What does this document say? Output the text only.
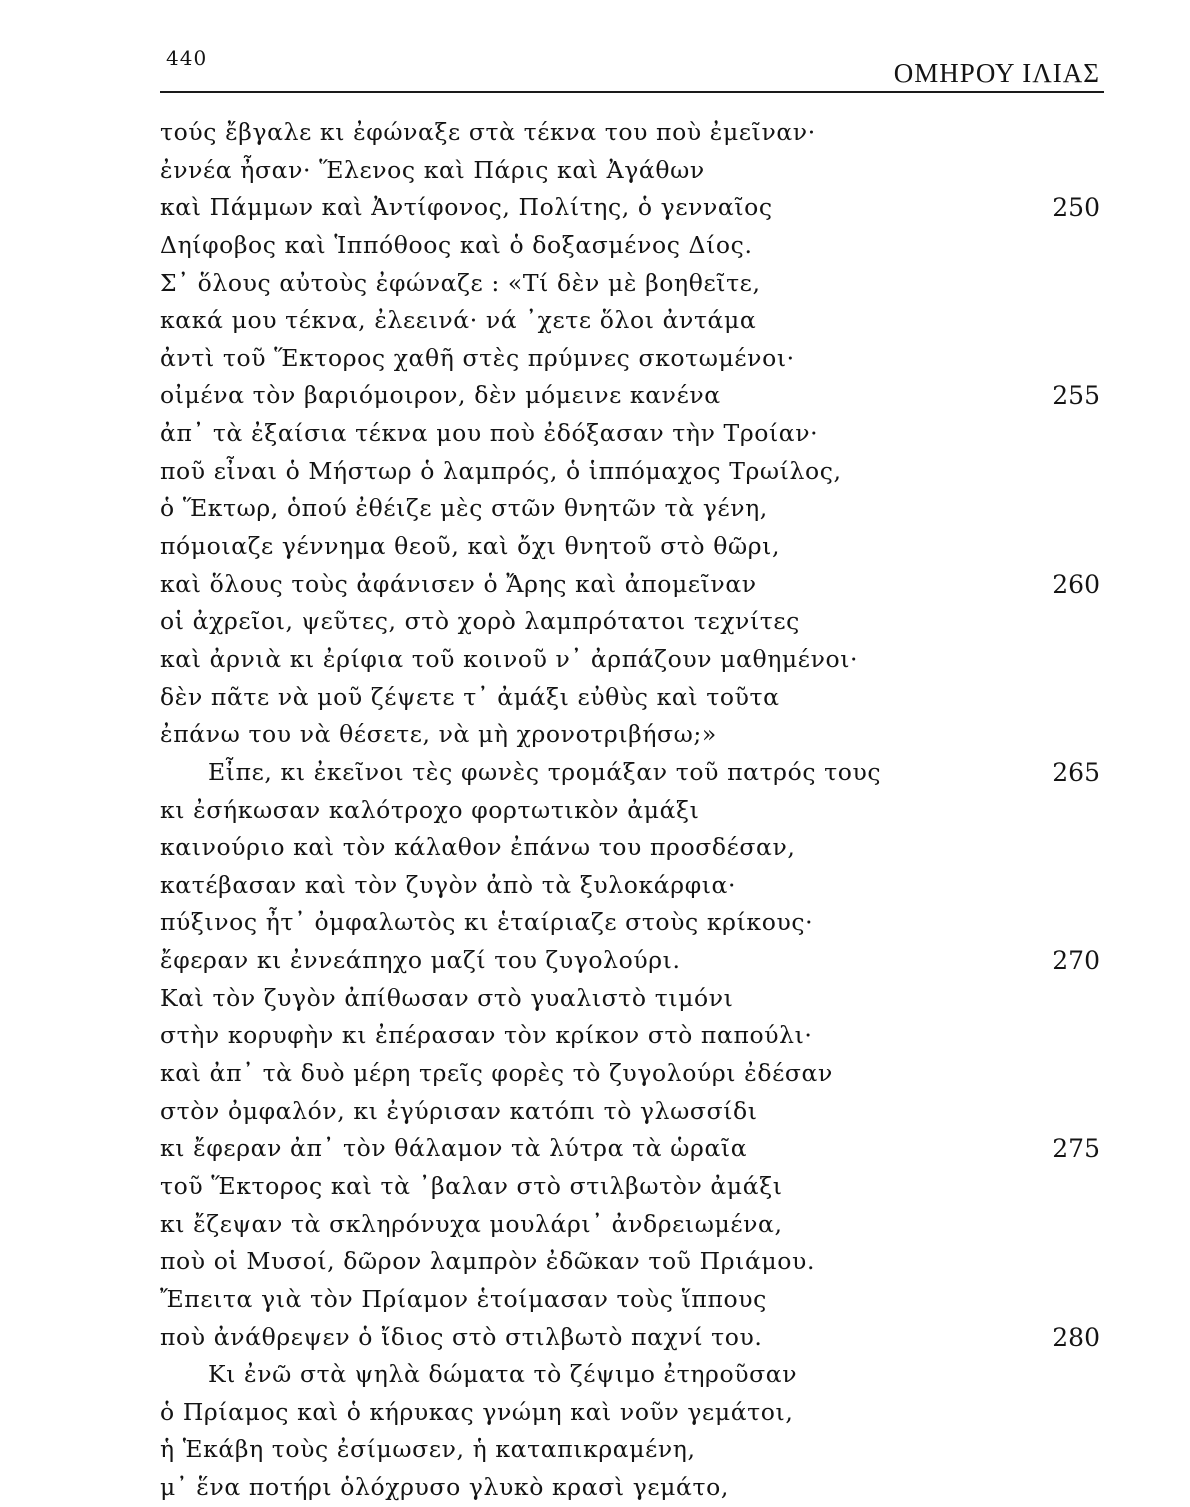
440	ΟΜΗΡΟΥ ΙΛΙΑΣ
τούς ἔβγαλε κι ἐφώναξε στὰ τέκνα του ποὺ ἐμεῖναν·
ἐννέα ἦσαν· Ἕλενος καὶ Πάρις καὶ Ἀγάθων
καὶ Πάμμων καὶ Ἀντίφονος, Πολίτης, ὁ γενναῖος	250
Δηίφοβος καὶ Ἱππόθοος καὶ ὁ δοξασμένος Δίος.
Σ᾿ ὅλους αὐτοὺς ἐφώναζε : «Τί δὲν μὲ βοηθεῖτε,
κακά μου τέκνα, ἐλεεινά· νά ᾿χετε ὅλοι ἀντάμα
ἀντὶ τοῦ Ἕκτορος χαθῆ στὲς πρύμνες σκοτωμένοι·
οἰμένα τὸν βαριόμοιρον, δὲν μόμεινε κανένα	255
ἀπ᾿ τὰ ἐξαίσια τέκνα μου ποὺ ἐδόξασαν τὴν Τροίαν·
ποῦ εἶναι ὁ Μήστωρ ὁ λαμπρός, ὁ ἱππόμαχος Τρωίλος,
ὁ Ἕκτωρ, ὁπού ἐθέιζε μὲς στῶν θνητῶν τὰ γένη,
πόμοιαζε γέννημα θεοῦ, καὶ ὄχι θνητοῦ στὸ θῶρι,
καὶ ὅλους τοὺς ἀφάνισεν ὁ Ἄρης καὶ ἀπομεῖναν	260
οἱ ἀχρεῖοι, ψεῦτες, στὸ χορὸ λαμπρότατοι τεχνίτες
καὶ ἀρνιὰ κι ἐρίφια τοῦ κοινοῦ ν᾿ ἀρπάζουν μαθημένοι·
δὲν πᾶτε νὰ μοῦ ζέψετε τ᾿ ἀμάξι εὐθὺς καὶ τοῦτα
ἐπάνω του νὰ θέσετε, νὰ μὴ χρονοτριβήσω;»
Εἶπε, κι ἐκεῖνοι τὲς φωνὲς τρομάξαν τοῦ πατρός τους	265
κι ἐσήκωσαν καλότροχο φορτωτικὸν ἀμάξι
καινούριο καὶ τὸν κάλαθον ἐπάνω του προσδέσαν,
κατέβασαν καὶ τὸν ζυγὸν ἀπὸ τὰ ξυλοκάρφια·
πύξινος ἦτ᾿ ὀμφαλωτὸς κι ἑταίριαζε στοὺς κρίκους·
ἔφεραν κι ἐννεάπηχο μαζί του ζυγολούρι.	270
Καὶ τὸν ζυγὸν ἀπίθωσαν στὸ γυαλιστὸ τιμόνι
στὴν κορυφὴν κι ἐπέρασαν τὸν κρίκον στὸ παπούλι·
καὶ ἀπ᾿ τὰ δυὸ μέρη τρεῖς φορὲς τὸ ζυγολούρι ἐδέσαν
στὸν ὀμφαλόν, κι ἐγύρισαν κατόπι τὸ γλωσσίδι
κι ἔφεραν ἀπ᾿ τὸν θάλαμον τὰ λύτρα τὰ ὡραῖα	275
τοῦ Ἕκτορος καὶ τὰ ᾿βαλαν στὸ στιλβωτὸν ἀμάξι
κι ἔζεψαν τὰ σκληρόνυχα μουλάρι᾿ ἀνδρειωμένα,
ποὺ οἱ Μυσοί, δῶρον λαμπρὸν ἐδῶκαν τοῦ Πριάμου.
Ἔπειτα γιὰ τὸν Πρίαμον ἑτοίμασαν τοὺς ἵππους
ποὺ ἀνάθρεψεν ὁ ἴδιος στὸ στιλβωτὸ παχνί του.	280
Κι ἐνῶ στὰ ψηλὰ δώματα τὸ ζέψιμο ἐτηροῦσαν
ὁ Πρίαμος καὶ ὁ κήρυκας γνώμη καὶ νοῦν γεμάτοι,
ἡ Ἑκάβη τοὺς ἐσίμωσεν, ἡ καταπικραμένη,
μ᾿ ἕνα ποτήρι ὁλόχρυσο γλυκὸ κρασὶ γεμάτο,
